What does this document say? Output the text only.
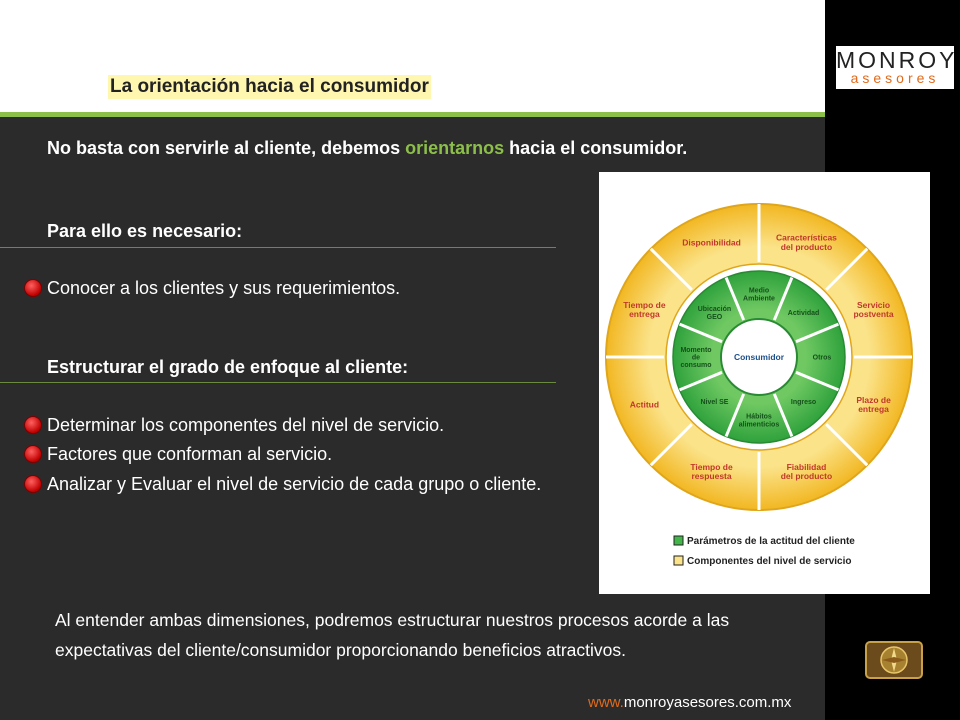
MONROY
asesores
La orientación hacia el consumidor
No basta con servirle al cliente, debemos orientarnos hacia el consumidor.
Para ello es necesario:
Conocer a los clientes y sus requerimientos.
Estructurar el grado de enfoque al cliente:
Determinar los componentes del nivel de servicio.
Factores que conforman al servicio.
Analizar y Evaluar el nivel de servicio de cada grupo o cliente.
Características del producto
Servicio postventa
Plazo de entrega
Fiabilidad del producto
Tiempo de respuesta
Actitud
Tiempo de entrega
Disponibilidad
Medio Ambiente
Actividad
Otros
Ingreso
Hábitos alimenticios
Nivel SE
Momento de consumo
Ubicación GEO
Consumidor
Parámetros de la actitud del cliente
Componentes del nivel de servicio
Al entender ambas dimensiones, podremos estructurar nuestros procesos acorde a las
expectativas del cliente/consumidor proporcionando beneficios atractivos.
www.monroyasesores.com.mx
